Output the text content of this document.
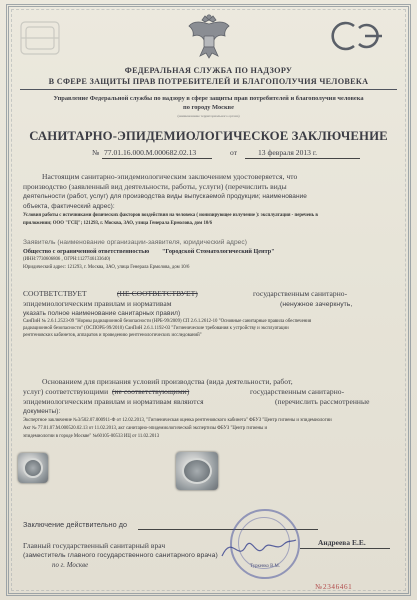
ФЕДЕРАЛЬНАЯ СЛУЖБА ПО НАДЗОРУ
В СФЕРЕ ЗАЩИТЫ ПРАВ ПОТРЕБИТЕЛЕЙ И БЛАГОПОЛУЧИЯ ЧЕЛОВЕКА
Управление Федеральной службы по надзору в сфере защиты прав потребителей и благополучия человека
по городу Москве
(наименование территориального органа)
САНИТАРНО-ЭПИДЕМИОЛОГИЧЕСКОЕ ЗАКЛЮЧЕНИЕ
№ 77.01.16.000.М.000682.02.13	от	13 февраля 2013 г.
Настоящим санитарно-эпидемиологическим заключением удостоверяется, что
производство (заявленный вид деятельности, работы, услуги) (перечислить виды
деятельности (работ, услуг) для производства виды выпускаемой продукции; наименование
объекта, фактический адрес):
Условия работы с источниками физических факторов воздействия на человека ( ионизирующее излучение ): эксплуатация - перечень в
приложении; ООО "ГСЦ"; 121293, г. Москва, ЗАО, улица Генерала Ермолова, дом 10/6
Заявитель (наименование организации-заявителя, юридический адрес)
Общество с ограниченной ответственностью "Городской Стоматологический Центр"
(ИНН:7730606806 , ОГРН:1127746133640)
Юридический адрес: 121293, г. Москва, ЗАО, улица Генерала Ермолова, дом 10/6
СООТВЕТСТВУЕТ	(НЕ СООТВЕТСТВУЕТ)	государственным санитарно-
эпидемиологическим правилам и нормативам	(ненужное зачеркнуть,
указать полное наименование санитарных правил)
СанПиН № 2.6.1.2523-09 "Нормы радиационной безопасности (НРБ-99/2009) СП 2.6.1.2612-10 "Основные санитарные правила обеспечения
радиационной безопасности" (ОСПОРБ-99/2010) СанПиН 2.6.1.1192-03 "Гигиенические требования к устройству и эксплуатации
рентгеновских кабинетов, аппаратов и проведению рентгенологических исследований"
Основанием для признания условий производства (вида деятельности, работ,
услуг) соответствующими (не соответствующими)	государственным санитарно-
эпидемиологическим правилам и нормативам являются	(перечислить рассмотренные
документы):
Экспертное заключение №3/502.07.000911-Ф от 12.02.2013, "Гигиеническая оценка рентгеновского кабинета" ФБУЗ "Центр гигиены и эпидемиологии
Акт № 77.01.07.М.000520.02.13 от 11.02.2013, акт санитарно-эпидемиологической экспертизы ФБУЗ "Центр гигиены и
эпидемиологии в городе Москве" №60105-00533 ИЦ от 11.02.2013
Заключение действительно до
Главный государственный санитарный врач
(заместитель главного государственного санитарного врача)
по г. Москве	Туркенко В.М.
Андреева Е.Е.
№ 2346461
